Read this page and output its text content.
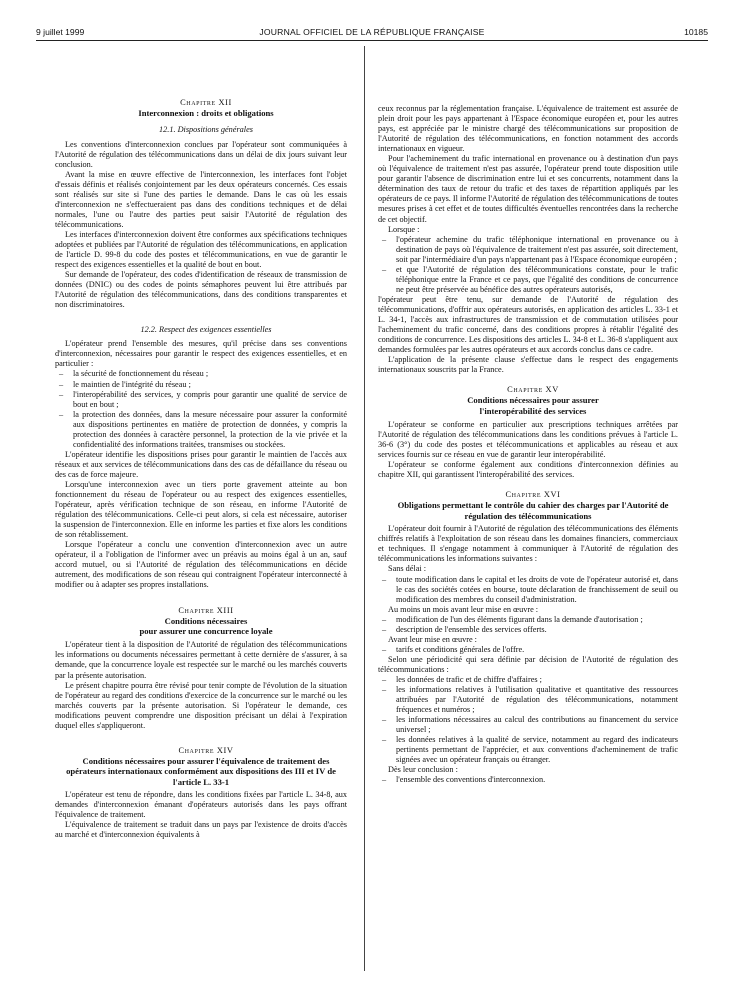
9 juillet 1999	JOURNAL OFFICIEL DE LA RÉPUBLIQUE FRANÇAISE	10185

Chapitre XII

Interconnexion : droits et obligations

12.1. Dispositions générales

Les conventions d'interconnexion conclues par l'opérateur sont communiquées à l'Autorité de régulation des télécommunications dans un délai de dix jours suivant leur conclusion.

Avant la mise en œuvre effective de l'interconnexion, les interfaces font l'objet d'essais définis et réalisés conjointement par les deux opérateurs concernés. Ces essais sont réalisés sur site si l'une des parties le demande. Dans le cas où les essais d'interconnexion ne s'effectueraient pas dans des conditions techniques et de délai normales, l'une ou l'autre des parties peut saisir l'Autorité de régulation des télécommunications.

Les interfaces d'interconnexion doivent être conformes aux spécifications techniques adoptées et publiées par l'Autorité de régulation des télécommunications, en application de l'article D. 99-8 du code des postes et télécommunications, en vue de garantir le respect des exigences essentielles et la qualité de bout en bout.

Sur demande de l'opérateur, des codes d'identification de réseaux de transmission de données (DNIC) ou des codes de points sémaphores peuvent lui être attribués par l'Autorité de régulation des télécommunications, dans des conditions transparentes et non discriminatoires.

12.2. Respect des exigences essentielles

L'opérateur prend l'ensemble des mesures, qu'il précise dans ses conventions d'interconnexion, nécessaires pour garantir le respect des exigences essentielles, et en particulier :

– la sécurité de fonctionnement du réseau ;
– le maintien de l'intégrité du réseau ;
– l'interopérabilité des services, y compris pour garantir une qualité de service de bout en bout ;
– la protection des données, dans la mesure nécessaire pour assurer la conformité aux dispositions pertinentes en matière de protection de données, y compris la protection des données à caractère personnel, la protection de la vie privée et la confidentialité des informations traitées, transmises ou stockées.

L'opérateur identifie les dispositions prises pour garantir le maintien de l'accès aux réseaux et aux services de télécommunications dans des cas de défaillance du réseau ou des cas de force majeure.

Lorsqu'une interconnexion avec un tiers porte gravement atteinte au bon fonctionnement du réseau de l'opérateur ou au respect des exigences essentielles, l'opérateur, après vérification technique de son réseau, en informe l'Autorité de régulation des télécommunications. Celle-ci peut alors, si cela est nécessaire, autoriser la suspension de l'interconnexion. Elle en informe les parties et fixe alors les conditions de son rétablissement.

Lorsque l'opérateur a conclu une convention d'interconnexion avec un autre opérateur, il a l'obligation de l'informer avec un préavis au moins égal à un an, sauf accord mutuel, ou si l'Autorité de régulation des télécommunications en décide autrement, des modifications de son réseau qui contraignent l'opérateur interconnecté à modifier ou à adapter ses propres installations.

Chapitre XIII

Conditions nécessaires

pour assurer une concurrence loyale

L'opérateur tient à la disposition de l'Autorité de régulation des télécommunications les informations ou documents nécessaires permettant à cette dernière de s'assurer, à sa demande, que la concurrence loyale est respectée sur le marché ou les marchés couverts par la présente autorisation.

Le présent chapitre pourra être révisé pour tenir compte de l'évolution de la situation de l'opérateur au regard des conditions d'exercice de la concurrence sur le marché ou les marchés couverts par la présente autorisation. Si l'opérateur le demande, ces modifications peuvent comprendre une disposition précisant un délai à l'expiration duquel elles s'appliqueront.

Chapitre XIV

Conditions nécessaires pour assurer l'équivalence de traitement des opérateurs internationaux conformément aux dispositions des III et IV de l'article L. 33-1

L'opérateur est tenu de répondre, dans les conditions fixées par l'article L. 34-8, aux demandes d'interconnexion émanant d'opérateurs autorisés dans les pays offrant l'équivalence de traitement.

L'équivalence de traitement se traduit dans un pays par l'existence de droits d'accès au marché et d'interconnexion équivalents à

ceux reconnus par la réglementation française. L'équivalence de traitement est assurée de plein droit pour les pays appartenant à l'Espace économique européen et, pour les autres pays, est appréciée par le ministre chargé des télécommunications sur proposition de l'Autorité de régulation des télécommunications, en fonction notamment des accords internationaux en vigueur.

Pour l'acheminement du trafic international en provenance ou à destination d'un pays où l'équivalence de traitement n'est pas assurée, l'opérateur prend toute disposition utile pour garantir l'absence de discrimination entre lui et ses concurrents, notamment dans la détermination des taux de retour du trafic et des taxes de répartition appliqués par les opérateurs de ce pays. Il informe l'Autorité de régulation des télécommunications de toutes mesures prises à cet effet et de toutes difficultés éventuelles rencontrées dans la recherche de cet objectif.

Lorsque :

– l'opérateur achemine du trafic téléphonique international en provenance ou à destination de pays où l'équivalence de traitement n'est pas assurée, soit directement, soit par l'intermédiaire d'un pays n'appartenant pas à l'Espace économique européen ;
– et que l'Autorité de régulation des télécommunications constate, pour le trafic téléphonique entre la France et ce pays, que l'égalité des conditions de concurrence ne peut être préservée au bénéfice des autres opérateurs autorisés,

l'opérateur peut être tenu, sur demande de l'Autorité de régulation des télécommunications, d'offrir aux opérateurs autorisés, en application des articles L. 33-1 et L. 34-1, l'accès aux infrastructures de transmission et de commutation utilisées pour l'acheminement du trafic concerné, dans des conditions propres à rétablir l'égalité des conditions de concurrence. Les dispositions des articles L. 34-8 et L. 36-8 s'appliquent aux demandes formulées par les autres opérateurs et aux accords conclus dans ce cadre.

L'application de la présente clause s'effectue dans le respect des engagements internationaux souscrits par la France.

Chapitre XV

Conditions nécessaires pour assurer

l'interopérabilité des services

L'opérateur se conforme en particulier aux prescriptions techniques arrêtées par l'Autorité de régulation des télécommunications dans les conditions prévues à l'article L. 36-6 (3°) du code des postes et télécommunications et applicables au réseau et aux services fournis sur ce réseau en vue de garantir leur interopérabilité.

L'opérateur se conforme également aux conditions d'interconnexion définies au chapitre XII, qui garantissent l'interopérabilité des services.

Chapitre XVI

Obligations permettant le contrôle du cahier des charges par l'Autorité de régulation des télécommunications

L'opérateur doit fournir à l'Autorité de régulation des télécommunications des éléments chiffrés relatifs à l'exploitation de son réseau dans les domaines financiers, commerciaux et techniques. Il s'engage notamment à communiquer à l'Autorité de régulation des télécommunications les informations suivantes :

Sans délai :

– toute modification dans le capital et les droits de vote de l'opérateur autorisé et, dans le cas des sociétés cotées en bourse, toute déclaration de franchissement de seuil ou modification des membres du conseil d'administration.

Au moins un mois avant leur mise en œuvre :

– modification de l'un des éléments figurant dans la demande d'autorisation ;
– description de l'ensemble des services offerts.

Avant leur mise en œuvre :

– tarifs et conditions générales de l'offre.

Selon une périodicité qui sera définie par décision de l'Autorité de régulation des télécommunications :

– les données de trafic et de chiffre d'affaires ;
– les informations relatives à l'utilisation qualitative et quantitative des ressources attribuées par l'Autorité de régulation des télécommunications, notamment fréquences et numéros ;
– les informations nécessaires au calcul des contributions au financement du service universel ;
– les données relatives à la qualité de service, notamment au regard des indicateurs pertinents permettant de l'apprécier, et aux conventions d'acheminement de trafic signées avec un opérateur français ou étranger.

Dès leur conclusion :

– l'ensemble des conventions d'interconnexion.
